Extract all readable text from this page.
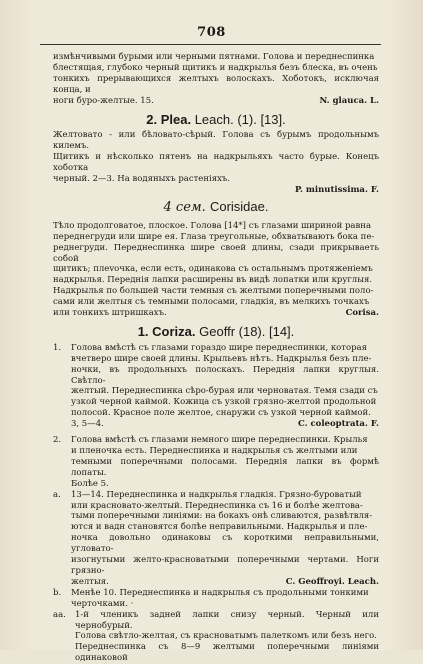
708

измѣнчивыми бурыми или черными пятнами. Голова и переднеспинка

блестящая, глубоко черный щитикъ и надкрылья безъ блеска, въ очень

тонкихъ прерывающихся желтыхъ волоскахъ. Хоботокъ, исключая конца, и

ноги буро-желтые. 15.	N. glauca. L.

2. Plea. Leach. (1). [13].

Желтовато - или бѣловато-сѣрый. Голова съ бурымъ продольнымъ килемъ.

Щитикъ и нѣсколько пятенъ на надкрыльяхъ часто бурые. Конецъ хоботка

черный. 2—3. На водяныхъ растеніяхъ.

P. minutissima. F.

4 сем. Corisidae.

Тѣло продолговатое, плоское. Голова [14*] съ глазами шириной равна

переднегруди или шире ея. Глаза треугольные, обхватывають бока пе-

реднегруди. Переднеспинка шире своей длины, сзади прикрываеть собой

щитикъ; плеvочка, если есть, одинакова съ остальнымъ протяженіемъ

надкрылья. Переднія лапки расширены въ видѣ лопатки или круглыя.

Надкрылья по большей части темныя съ желтыми поперечными поло-

сами или желтыя съ темными полосами, гладкія, въ мелкихъ точкахъ

или тонкихъ штришкахъ.	Corisa.

1. Coriza. Geoffr (18). [14].
1. Голова вмѣстѣ съ глазами гораздо шире переднеспинки, которая

вчетверо шире своей длины. Крыльевъ нѣтъ. Надкрылья безъ пле-

ночки, въ продольныхъ полоскахъ. Переднія лапки круглыя. Свѣтло-

желтый. Переднеспинка сѣро-бурая или черноватая. Темя сзади съ

узкой черной каймой. Кожица съ узкой грязно-желтой продольной

полосой. Красное поле желтое, снаружи съ узкой черной каймой.

3, 5—4.	C. coleoptrata. F.

2. Голова вмѣстѣ съ глазами немного шире переднеспинки. Крылья

и пленочка есть. Переднеспинка и надкрылья съ желтыми или

темными поперечными полосами. Переднія лапки въ формѣ лопаты.

Болѣе 5.

a. 13—14. Переднеспинка и надкрылья гладкія. Грязно-буроватый

или красновато-желтый. Переднеспинка съ 16 и болѣе желтова-

тыми поперечными линіями: на бокахъ онѣ сливаются, развѣтвля-

ются и вадн становятся болѣе неправильными. Надкрылья и пле-

ночка довольно одинаковы съ короткими неправильными, угловато-

изогнутыми желто-красноватыми поперечными чертами. Ноги грязно-

желтыя.	C. Geoffroyi. Leach.

b. Менѣе 10. Переднеспинка и надкрылья съ продольными тонкими

черточками. ·

aa. 1-й членикъ задней лапки снизу черный. Черный или чернобурый.

Голова свѣтло-желтая, съ красноватымъ палеткомъ или безъ него.

Переднеспинка съ 8—9 желтыми поперечными линіями одинаковой
